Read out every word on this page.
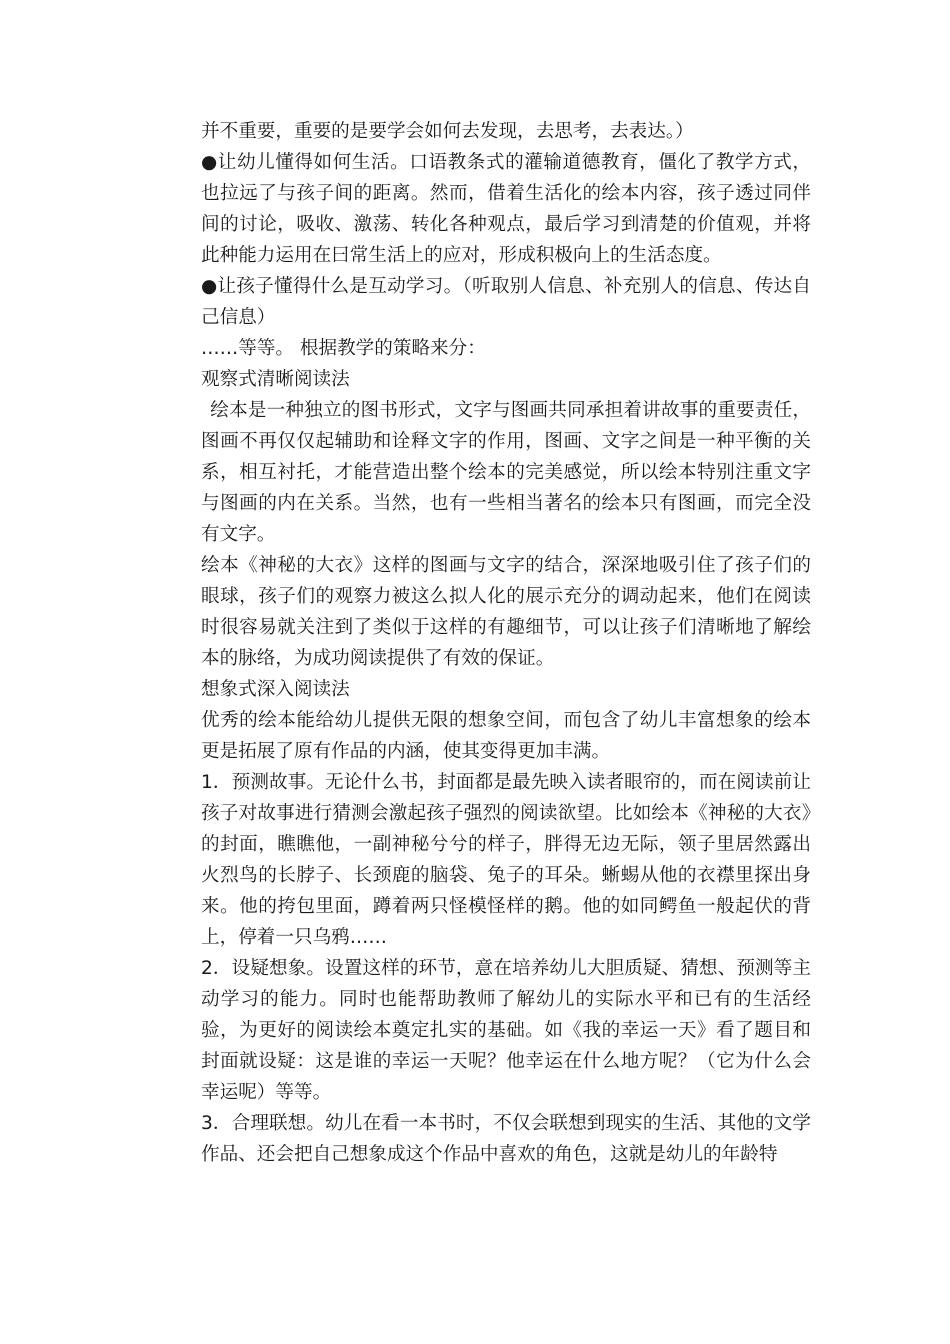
并不重要，重要的是要学会如何去发现，去思考，去表达。）

●让幼儿懂得如何生活。口语教条式的灌输道德教育，僵化了教学方式，也拉远了与孩子间的距离。然而，借着生活化的绘本内容，孩子透过同伴间的讨论，吸收、激荡、转化各种观点，最后学习到清楚的价值观，并将此种能力运用在曰常生活上的应对，形成积极向上的生活态度。

●让孩子懂得什么是互动学习。（听取别人信息、补充别人的信息、传达自己信息）

……等等。 根据教学的策略来分：

观察式清晰阅读法

绘本是一种独立的图书形式，文字与图画共同承担着讲故事的重要责任，图画不再仅仅起辅助和诠释文字的作用，图画、文字之间是一种平衡的关系，相互衬托，才能营造出整个绘本的完美感觉，所以绘本特别注重文字与图画的内在关系。当然，也有一些相当著名的绘本只有图画，而完全没有文字。

绘本《神秘的大衣》这样的图画与文字的结合，深深地吸引住了孩子们的眼球，孩子们的观察力被这么拟人化的展示充分的调动起来，他们在阅读时很容易就关注到了类似于这样的有趣细节，可以让孩子们清晰地了解绘本的脉络，为成功阅读提供了有效的保证。

想象式深入阅读法

优秀的绘本能给幼儿提供无限的想象空间，而包含了幼儿丰富想象的绘本更是拓展了原有作品的内涵，使其变得更加丰满。

1．预测故事。无论什么书，封面都是最先映入读者眼帘的，而在阅读前让孩子对故事进行猜测会激起孩子强烈的阅读欲望。比如绘本《神秘的大衣》的封面，瞧瞧他，一副神秘兮兮的样子，胖得无边无际，领子里居然露出火烈鸟的长脖子、长颈鹿的脑袋、兔子的耳朵。蜥蜴从他的衣襟里探出身来。他的挎包里面，蹲着两只怪模怪样的鹅。他的如同鳄鱼一般起伏的背上，停着一只乌鸦……

2．设疑想象。设置这样的环节，意在培养幼儿大胆质疑、猜想、预测等主动学习的能力。同时也能帮助教师了解幼儿的实际水平和已有的生活经验，为更好的阅读绘本奠定扎实的基础。如《我的幸运一天》看了题目和封面就设疑：这是谁的幸运一天呢？他幸运在什么地方呢？（它为什么会幸运呢）等等。

3．合理联想。幼儿在看一本书时，不仅会联想到现实的生活、其他的文学作品、还会把自己想象成这个作品中喜欢的角色，这就是幼儿的年龄特
